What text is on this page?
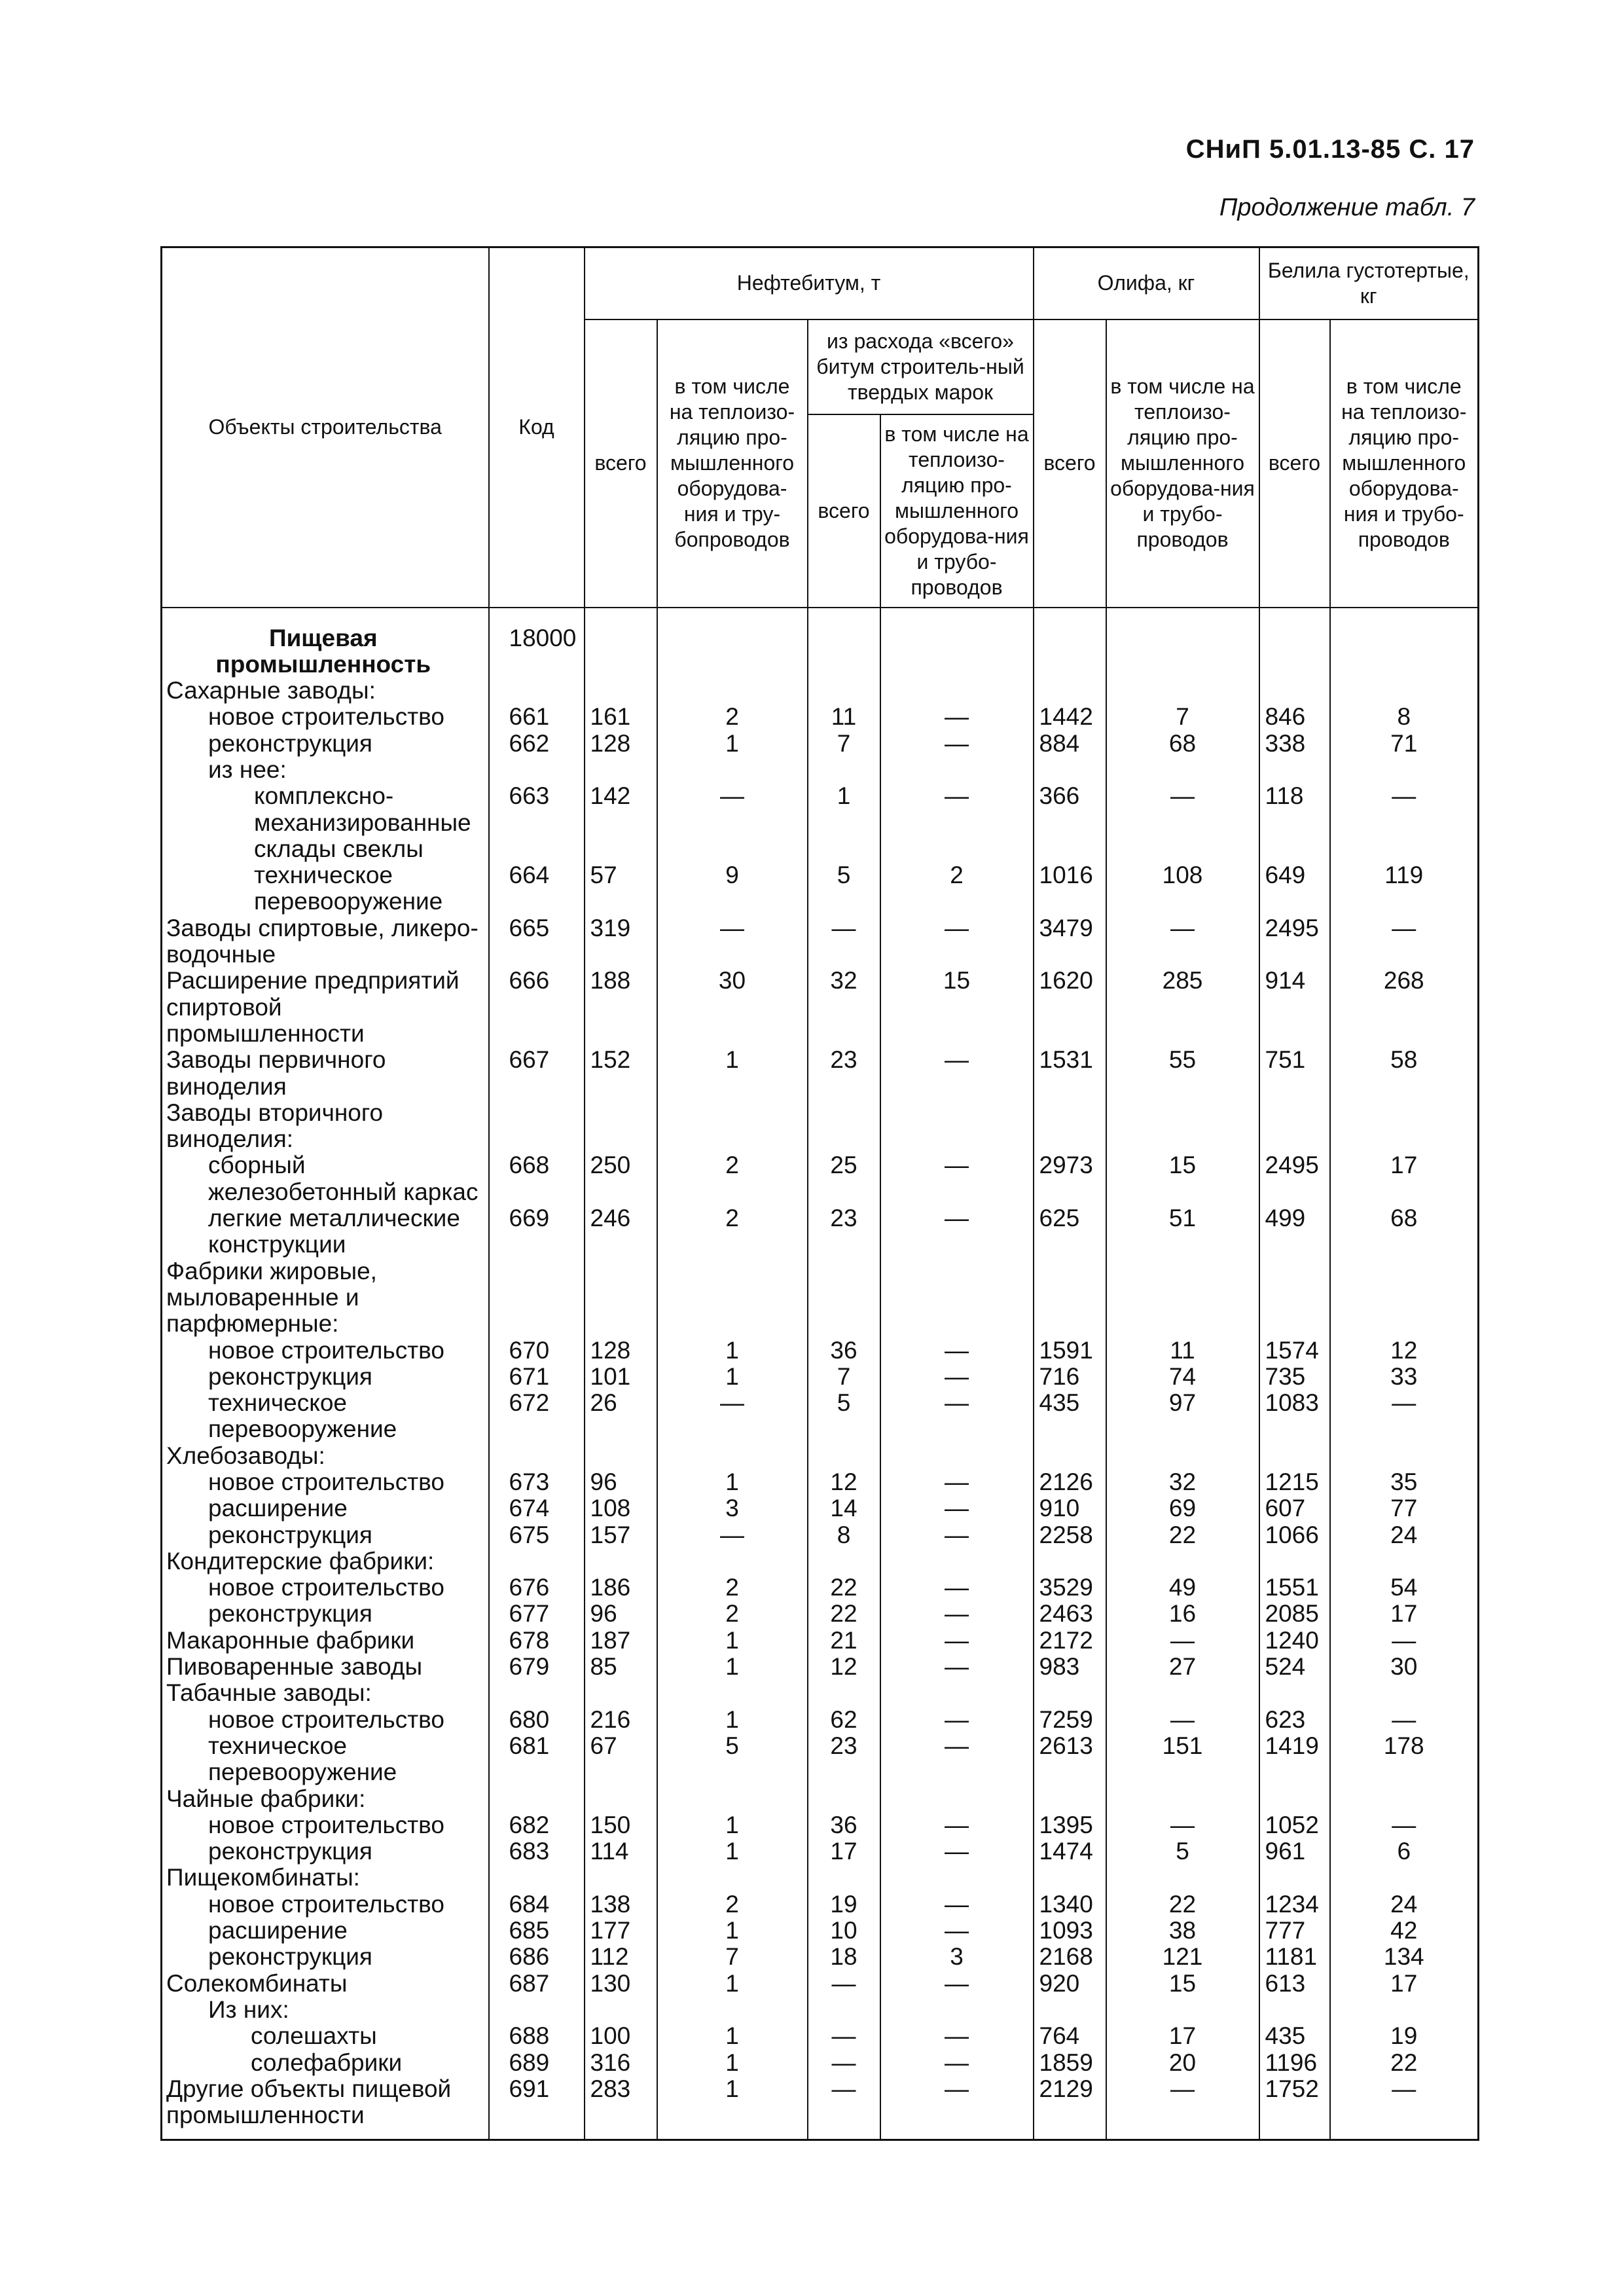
СНиП 5.01.13-85 С. 17
Продолжение табл. 7
Объекты строительства	Код	Нефтебитум, т				Олифа, кг		Белила густотертые, кг	
		всего	в том числе на теплоизо-ляцию про-мышленного оборудова-ния и тру-бопроводов	из расхода «всего» битум строитель-ный твердых марок		всего	в том числе на теплоизо-ляцию про-мышленного оборудова-ния и трубо-проводов	всего	в том числе на теплоизо-ляцию про-мышленного оборудова-ния и трубо-проводов
				всего	в том числе на теплоизо-ляцию про-мышленного оборудова-ния и трубо-проводов				
Пищевая промышленность	18000								
Сахарные заводы:									
новое строительство	661	161	2	11	—	1442	7	846	8
реконструкция	662	128	1	7	—	884	68	338	71
из нее:									
комплексно-механизированные склады свеклы	663	142	—	1	—	366	—	118	—
техническое перевооружение	664	57	9	5	2	1016	108	649	119
Заводы спиртовые, ликеро-водочные	665	319	—	—	—	3479	—	2495	—
Расширение предприятий спиртовой промышленности	666	188	30	32	15	1620	285	914	268
Заводы первичного виноделия	667	152	1	23	—	1531	55	751	58
Заводы вторичного виноделия:									
сборный железобетонный каркас	668	250	2	25	—	2973	15	2495	17
легкие металлические конструкции	669	246	2	23	—	625	51	499	68
Фабрики жировые, мыловаренные и парфюмерные:									
новое строительство	670	128	1	36	—	1591	11	1574	12
реконструкция	671	101	1	7	—	716	74	735	33
техническое перевооружение	672	26	—	5	—	435	97	1083	—
Хлебозаводы:									
новое строительство	673	96	1	12	—	2126	32	1215	35
расширение	674	108	3	14	—	910	69	607	77
реконструкция	675	157	—	8	—	2258	22	1066	24
Кондитерские фабрики:									
новое строительство	676	186	2	22	—	3529	49	1551	54
реконструкция	677	96	2	22	—	2463	16	2085	17
Макаронные фабрики	678	187	1	21	—	2172	—	1240	—
Пивоваренные заводы	679	85	1	12	—	983	27	524	30
Табачные заводы:									
новое строительство	680	216	1	62	—	7259	—	623	—
техническое перевооружение	681	67	5	23	—	2613	151	1419	178
Чайные фабрики:									
новое строительство	682	150	1	36	—	1395	—	1052	—
реконструкция	683	114	1	17	—	1474	5	961	6
Пищекомбинаты:									
новое строительство	684	138	2	19	—	1340	22	1234	24
расширение	685	177	1	10	—	1093	38	777	42
реконструкция	686	112	7	18	3	2168	121	1181	134
Солекомбинаты	687	130	1	—	—	920	15	613	17
Из них:									
солешахты	688	100	1	—	—	764	17	435	19
солефабрики	689	316	1	—	—	1859	20	1196	22
Другие объекты пищевой промышленности	691	283	1	—	—	2129	—	1752	—
